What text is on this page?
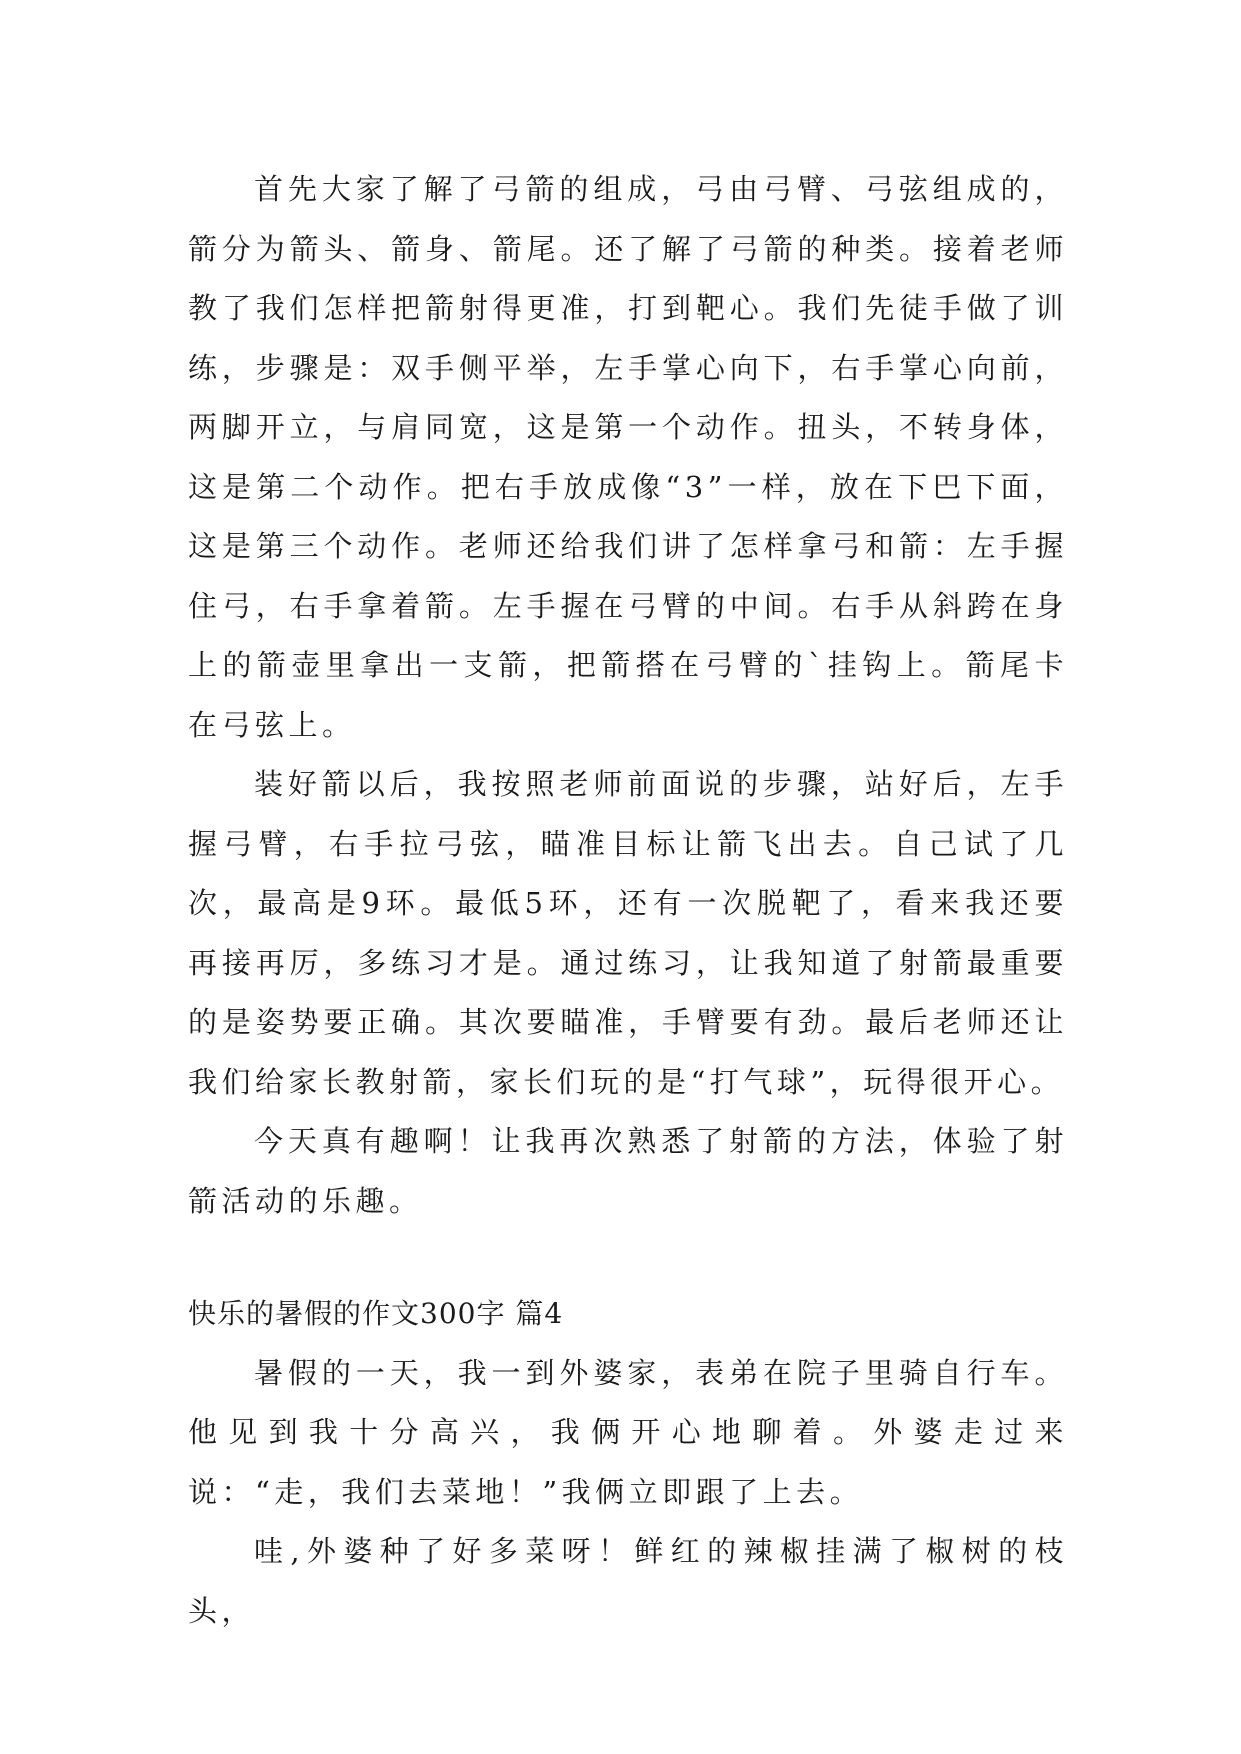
首先大家了解了弓箭的组成，弓由弓臂、弓弦组成的，箭分为箭头、箭身、箭尾。还了解了弓箭的种类。接着老师教了我们怎样把箭射得更准，打到靶心。我们先徒手做了训练，步骤是：双手侧平举，左手掌心向下，右手掌心向前，两脚开立，与肩同宽，这是第一个动作。扭头，不转身体，这是第二个动作。把右手放成像“3”一样，放在下巴下面，这是第三个动作。老师还给我们讲了怎样拿弓和箭：左手握住弓，右手拿着箭。左手握在弓臂的中间。右手从斜跨在身上的箭壶里拿出一支箭，把箭搭在弓臂的`挂钩上。箭尾卡在弓弦上。

装好箭以后，我按照老师前面说的步骤，站好后，左手握弓臂，右手拉弓弦，瞄准目标让箭飞出去。自己试了几次，最高是9环。最低5环，还有一次脱靶了，看来我还要再接再厉，多练习才是。通过练习，让我知道了射箭最重要的是姿势要正确。其次要瞄准，手臂要有劲。最后老师还让我们给家长教射箭，家长们玩的是“打气球”，玩得很开心。

今天真有趣啊！让我再次熟悉了射箭的方法，体验了射箭活动的乐趣。

快乐的暑假的作文300字 篇4

暑假的一天，我一到外婆家，表弟在院子里骑自行车。他见到我十分高兴，我俩开心地聊着。外婆走过来说：“走，我们去菜地！”我俩立即跟了上去。

哇,外婆种了好多菜呀！鲜红的辣椒挂满了椒树的枝头，
